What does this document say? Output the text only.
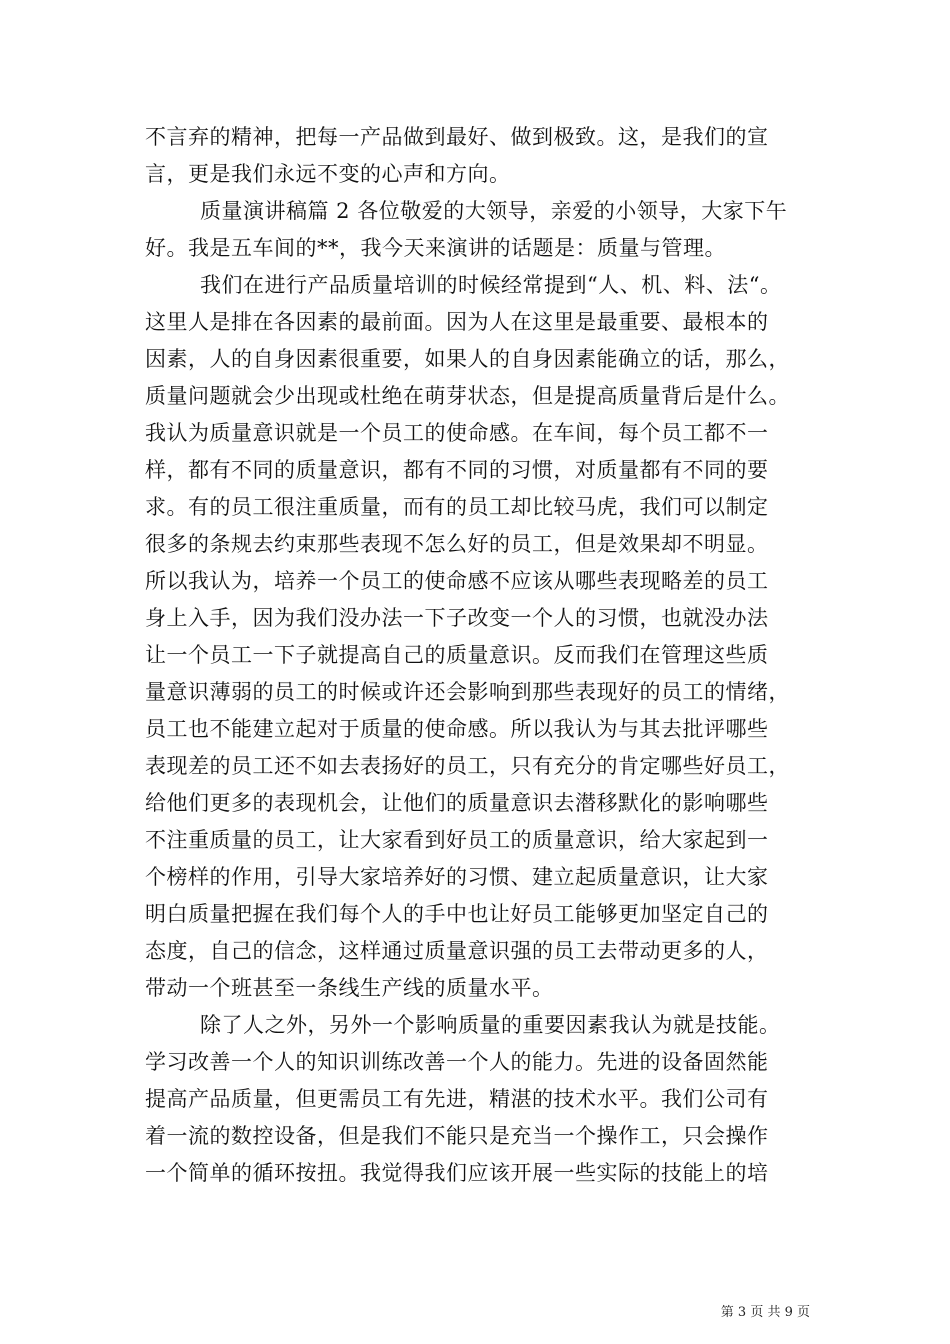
不言弃的精神，把每一产品做到最好、做到极致。这，是我们的宣
言，更是我们永远不变的心声和方向。
质量演讲稿篇 2 各位敬爱的大领导，亲爱的小领导，大家下午
好。我是五车间的**，我今天来演讲的话题是：质量与管理。
我们在进行产品质量培训的时候经常提到“人、机、料、法“。
这里人是排在各因素的最前面。因为人在这里是最重要、最根本的
因素，人的自身因素很重要，如果人的自身因素能确立的话，那么，
质量问题就会少出现或杜绝在萌芽状态，但是提高质量背后是什么。
我认为质量意识就是一个员工的使命感。在车间，每个员工都不一
样，都有不同的质量意识，都有不同的习惯，对质量都有不同的要
求。有的员工很注重质量，而有的员工却比较马虎，我们可以制定
很多的条规去约束那些表现不怎么好的员工，但是效果却不明显。
所以我认为，培养一个员工的使命感不应该从哪些表现略差的员工
身上入手，因为我们没办法一下子改变一个人的习惯，也就没办法
让一个员工一下子就提高自己的质量意识。反而我们在管理这些质
量意识薄弱的员工的时候或许还会影响到那些表现好的员工的情绪，
员工也不能建立起对于质量的使命感。所以我认为与其去批评哪些
表现差的员工还不如去表扬好的员工，只有充分的肯定哪些好员工，
给他们更多的表现机会，让他们的质量意识去潜移默化的影响哪些
不注重质量的员工，让大家看到好员工的质量意识，给大家起到一
个榜样的作用，引导大家培养好的习惯、建立起质量意识，让大家
明白质量把握在我们每个人的手中也让好员工能够更加坚定自己的
态度，自己的信念，这样通过质量意识强的员工去带动更多的人，
带动一个班甚至一条线生产线的质量水平。
除了人之外，另外一个影响质量的重要因素我认为就是技能。
学习改善一个人的知识训练改善一个人的能力。先进的设备固然能
提高产品质量，但更需员工有先进，精湛的技术水平。我们公司有
着一流的数控设备，但是我们不能只是充当一个操作工，只会操作
一个简单的循环按扭。我觉得我们应该开展一些实际的技能上的培
第 3 页 共 9 页
